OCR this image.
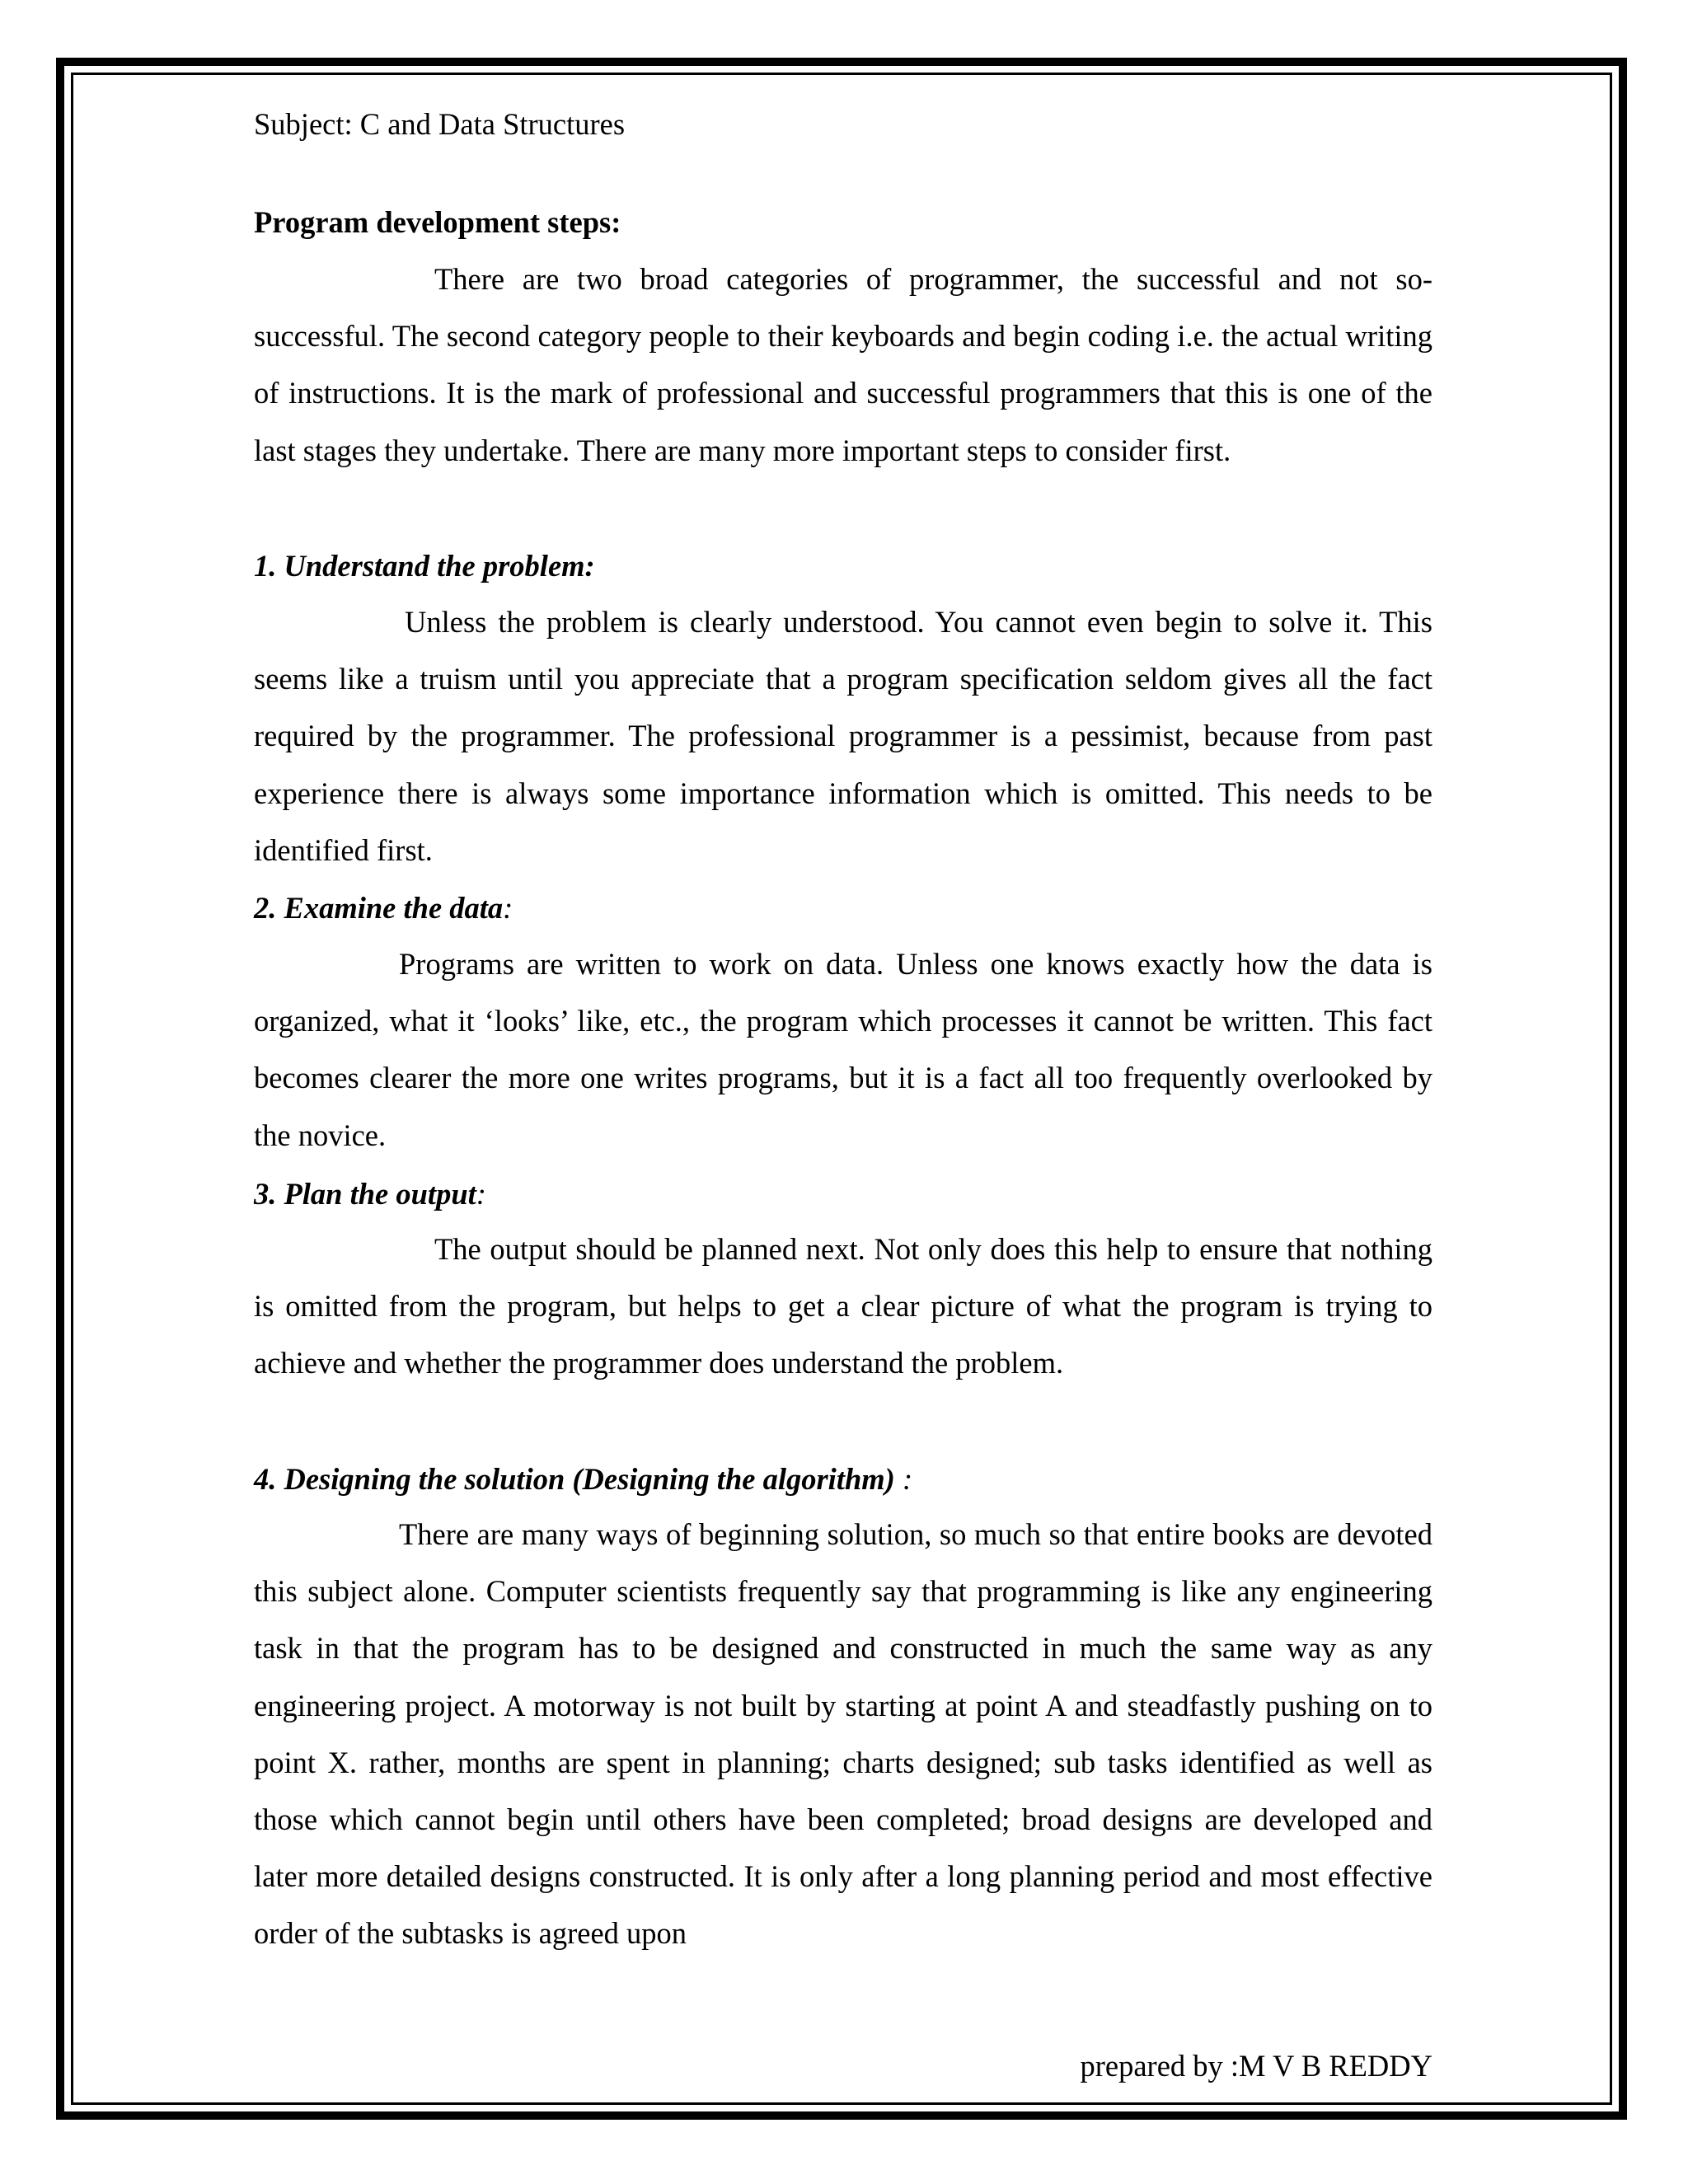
Subject: C and Data Structures
Program development steps:

There are two broad categories of programmer, the successful and not so-successful. The second category people to their keyboards and begin coding i.e. the actual writing of instructions. It is the mark of professional and successful programmers that this is one of the last stages they undertake. There are many more important steps to consider first.

1. Understand the problem:

Unless the problem is clearly understood. You cannot even begin to solve it. This seems like a truism until you appreciate that a program specification seldom gives all the fact required by the programmer. The professional programmer is a pessimist, because from past experience there is always some importance information which is omitted. This needs to be identified first.

2. Examine the data:

Programs are written to work on data. Unless one knows exactly how the data is organized, what it ‘looks’ like, etc., the program which processes it cannot be written. This fact becomes clearer the more one writes programs, but it is a fact all too frequently overlooked by the novice.

3. Plan the output:

The output should be planned next. Not only does this help to ensure that nothing is omitted from the program, but helps to get a clear picture of what the program is trying to achieve and whether the programmer does understand the problem.

4. Designing the solution (Designing the algorithm) :

There are many ways of beginning solution, so much so that entire books are devoted this subject alone. Computer scientists frequently say that programming is like any engineering task in that the program has to be designed and constructed in much the same way as any engineering project. A motorway is not built by starting at point A and steadfastly pushing on to point X. rather, months are spent in planning; charts designed; sub tasks identified as well as those which cannot begin until others have been completed; broad designs are developed and later more detailed designs constructed. It is only after a long planning period and most effective order of the subtasks is agreed upon

prepared by :M V B REDDY
